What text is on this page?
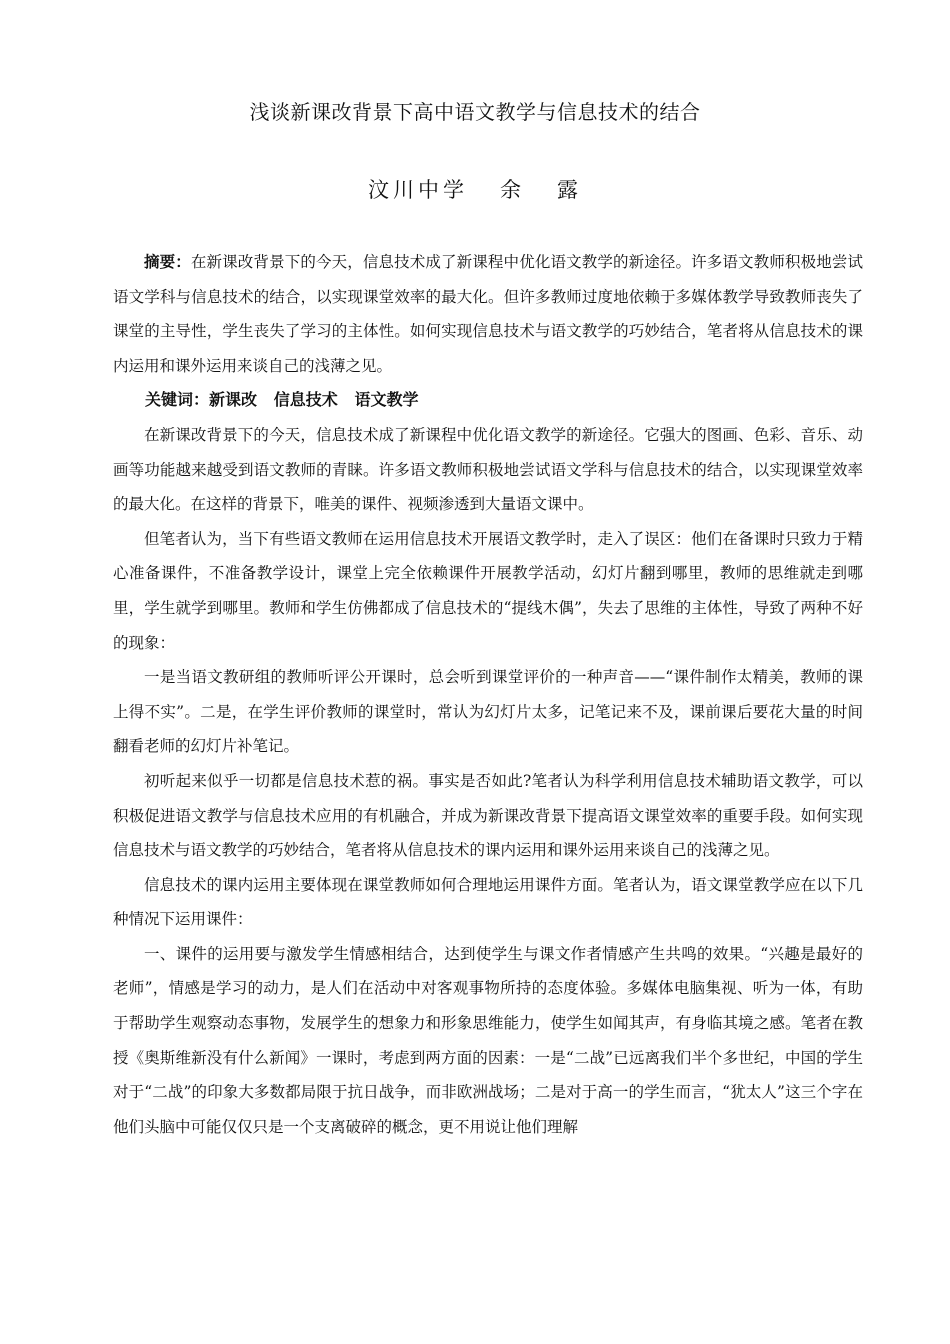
浅谈新课改背景下高中语文教学与信息技术的结合
汶川中学   余   露

摘要：在新课改背景下的今天，信息技术成了新课程中优化语文教学的新途径。许多语文教师积极地尝试语文学科与信息技术的结合，以实现课堂效率的最大化。但许多教师过度地依赖于多媒体教学导致教师丧失了课堂的主导性，学生丧失了学习的主体性。如何实现信息技术与语文教学的巧妙结合，笔者将从信息技术的课内运用和课外运用来谈自己的浅薄之见。

关键词：新课改   信息技术   语文教学

在新课改背景下的今天，信息技术成了新课程中优化语文教学的新途径。它强大的图画、色彩、音乐、动画等功能越来越受到语文教师的青睐。许多语文教师积极地尝试语文学科与信息技术的结合，以实现课堂效率的最大化。在这样的背景下，唯美的课件、视频渗透到大量语文课中。

但笔者认为，当下有些语文教师在运用信息技术开展语文教学时，走入了误区：他们在备课时只致力于精心准备课件，不准备教学设计，课堂上完全依赖课件开展教学活动，幻灯片翻到哪里，教师的思维就走到哪里，学生就学到哪里。教师和学生仿佛都成了信息技术的“提线木偶”，失去了思维的主体性，导致了两种不好的现象：

一是当语文教研组的教师听评公开课时，总会听到课堂评价的一种声音——“课件制作太精美，教师的课上得不实”。二是，在学生评价教师的课堂时，常认为幻灯片太多，记笔记来不及，课前课后要花大量的时间翻看老师的幻灯片补笔记。

初听起来似乎一切都是信息技术惹的祸。事实是否如此?笔者认为科学利用信息技术辅助语文教学，可以积极促进语文教学与信息技术应用的有机融合，并成为新课改背景下提高语文课堂效率的重要手段。如何实现信息技术与语文教学的巧妙结合，笔者将从信息技术的课内运用和课外运用来谈自己的浅薄之见。

信息技术的课内运用主要体现在课堂教师如何合理地运用课件方面。笔者认为，语文课堂教学应在以下几种情况下运用课件：

一、课件的运用要与激发学生情感相结合，达到使学生与课文作者情感产生共鸣的效果。“兴趣是最好的老师”，情感是学习的动力，是人们在活动中对客观事物所持的态度体验。多媒体电脑集视、听为一体，有助于帮助学生观察动态事物，发展学生的想象力和形象思维能力，使学生如闻其声，有身临其境之感。笔者在教授《奥斯维新没有什么新闻》一课时，考虑到两方面的因素：一是“二战”已远离我们半个多世纪，中国的学生对于“二战”的印象大多数都局限于抗日战争，而非欧洲战场；二是对于高一的学生而言，“犹太人”这三个字在他们头脑中可能仅仅只是一个支离破碎的概念，更不用说让他们理解
